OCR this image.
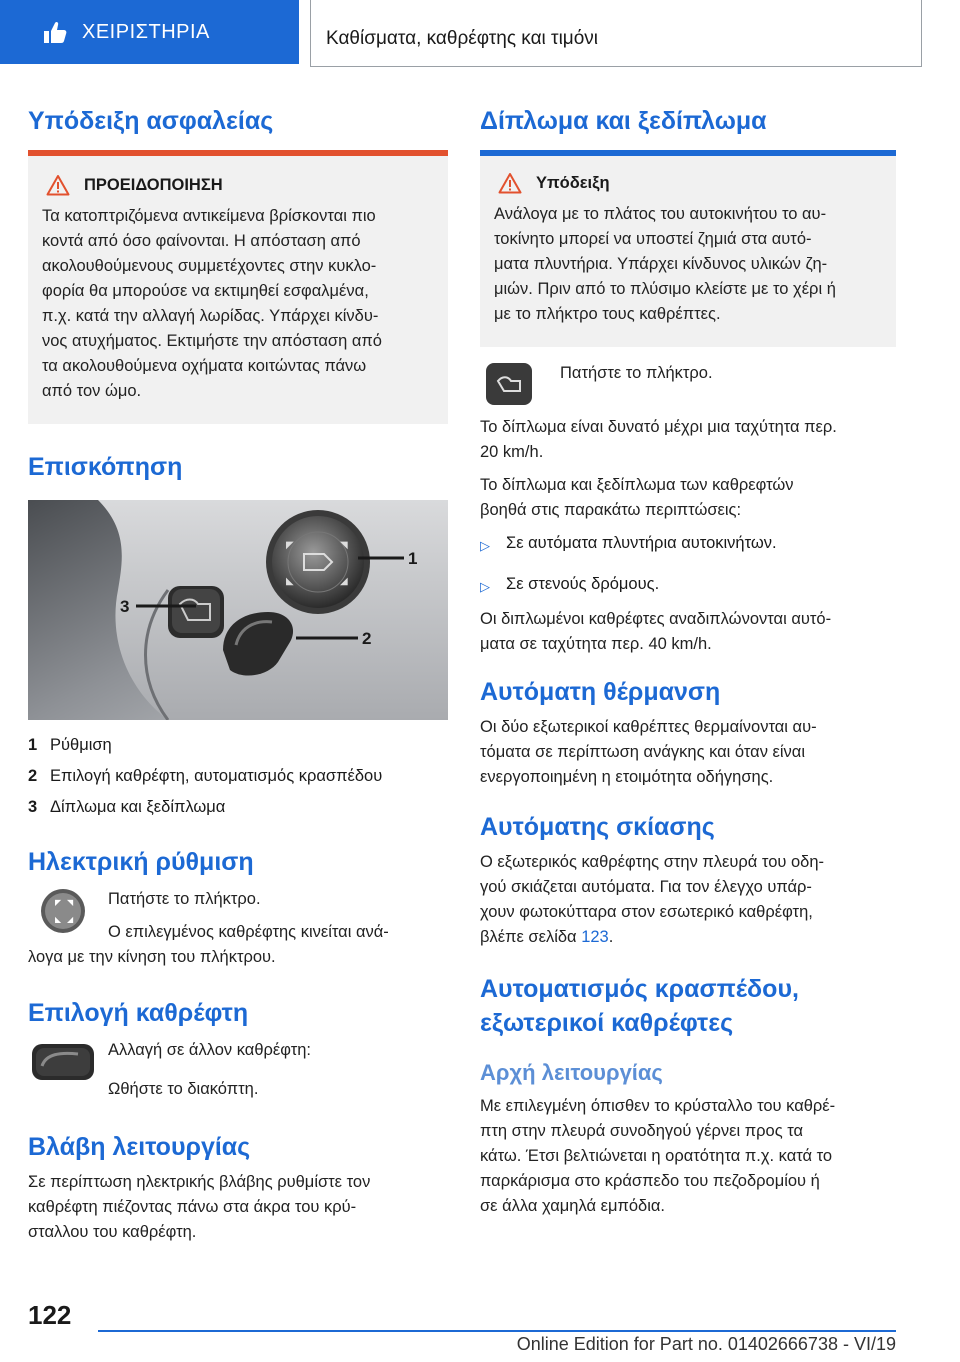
ΧΕΙΡΙΣΤΗΡΙΑ	Καθίσματα, καθρέφτης και τιμόνι
Υπόδειξη ασφαλείας
ΠΡΟΕΙΔΟΠΟΙΗΣΗ
Τα κατοπτριζόμενα αντικείμενα βρίσκονται πιο
κοντά από όσο φαίνονται. Η απόσταση από
ακολουθούμενους συμμετέχοντες στην κυκλο-
φορία θα μπορούσε να εκτιμηθεί εσφαλμένα,
π.χ. κατά την αλλαγή λωρίδας. Υπάρχει κίνδυ-
νος ατυχήματος. Εκτιμήστε την απόσταση από
τα ακολουθούμενα οχήματα κοιτώντας πάνω
από τον ώμο.
Επισκόπηση
◤	◥
◣	◢
1
2
3
1 Ρύθμιση
2 Επιλογή καθρέφτη, αυτοματισμός κρασπέδου
3 Δίπλωμα και ξεδίπλωμα
Ηλεκτρική ρύθμιση
◤ ◥
◣ ◢

Πατήστε το πλήκτρο.

Ο επιλεγμένος καθρέφτης κινείται ανά-

λογα με την κίνηση του πλήκτρου.

Επιλογή καθρέφτη

Αλλαγή σε άλλον καθρέφτη:

Ωθήστε το διακόπτη.

Βλάβη λειτουργίας
Σε περίπτωση ηλεκτρικής βλάβης ρυθμίστε τον
καθρέφτη πιέζοντας πάνω στα άκρα του κρύ-
σταλλου του καθρέφτη.
Δίπλωμα και ξεδίπλωμα
Υπόδειξη
Ανάλογα με το πλάτος του αυτοκινήτου το αυ-
τοκίνητο μπορεί να υποστεί ζημιά στα αυτό-
ματα πλυντήρια. Υπάρχει κίνδυνος υλικών ζη-
μιών. Πριν από το πλύσιμο κλείστε με το χέρι ή
με το πλήκτρο τους καθρέπτες.

Πατήστε το πλήκτρο.

Το δίπλωμα είναι δυνατό μέχρι μια ταχύτητα περ.
20 km/h.
Το δίπλωμα και ξεδίπλωμα των καθρεφτών
βοηθά στις παρακάτω περιπτώσεις:
▷ Σε αυτόματα πλυντήρια αυτοκινήτων.
▷ Σε στενούς δρόμους.
Οι διπλωμένοι καθρέφτες αναδιπλώνονται αυτό-
ματα σε ταχύτητα περ. 40 km/h.
Αυτόματη θέρμανση
Οι δύο εξωτερικοί καθρέπτες θερμαίνονται αυ-
τόματα σε περίπτωση ανάγκης και όταν είναι
ενεργοποιημένη η ετοιμότητα οδήγησης.
Αυτόματης σκίασης
Ο εξωτερικός καθρέφτης στην πλευρά του οδη-
γού σκιάζεται αυτόματα. Για τον έλεγχο υπάρ-
χουν φωτοκύτταρα στον εσωτερικό καθρέφτη,
βλέπε σελίδα 123.
Αυτοματισμός κρασπέδου,
εξωτερικοί καθρέφτες
Αρχή λειτουργίας
Με επιλεγμένη όπισθεν το κρύσταλλο του καθρέ-
πτη στην πλευρά συνοδηγού γέρνει προς τα
κάτω. Έτσι βελτιώνεται η ορατότητα π.χ. κατά το
παρκάρισμα στο κράσπεδο του πεζοδρομίου ή
σε άλλα χαμηλά εμπόδια.
122
Online Edition for Part no. 01402666738 - VI/19
